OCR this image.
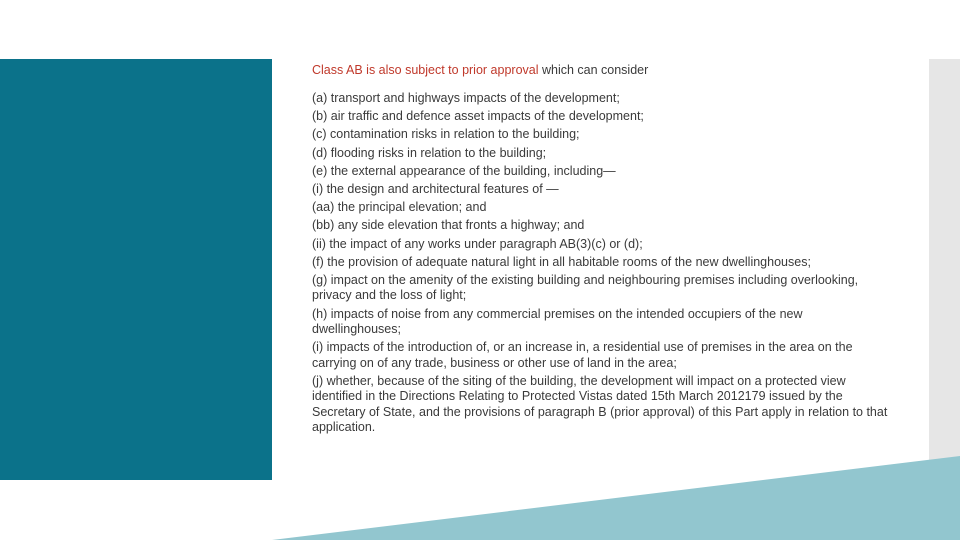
Class AB is also subject to prior approval which can consider

(a) transport and highways impacts of the development;
(b) air traffic and defence asset impacts of the development;
(c) contamination risks in relation to the building;
(d) flooding risks in relation to the building;
(e) the external appearance of the building, including—
(i) the design and architectural features of —
(aa) the principal elevation; and
(bb) any side elevation that fronts a highway; and
(ii) the impact of any works under paragraph AB(3)(c) or (d);
(f) the provision of adequate natural light in all habitable rooms of the new dwellinghouses;
(g) impact on the amenity of the existing building and neighbouring premises including overlooking, privacy and the loss of light;
(h) impacts of noise from any commercial premises on the intended occupiers of the new dwellinghouses;
(i) impacts of the introduction of, or an increase in, a residential use of premises in the area on the carrying on of any trade, business or other use of land in the area;
(j) whether, because of the siting of the building, the development will impact on a protected view identified in the Directions Relating to Protected Vistas dated 15th March 2012179 issued by the Secretary of State, and the provisions of paragraph B (prior approval) of this Part apply in relation to that application.
